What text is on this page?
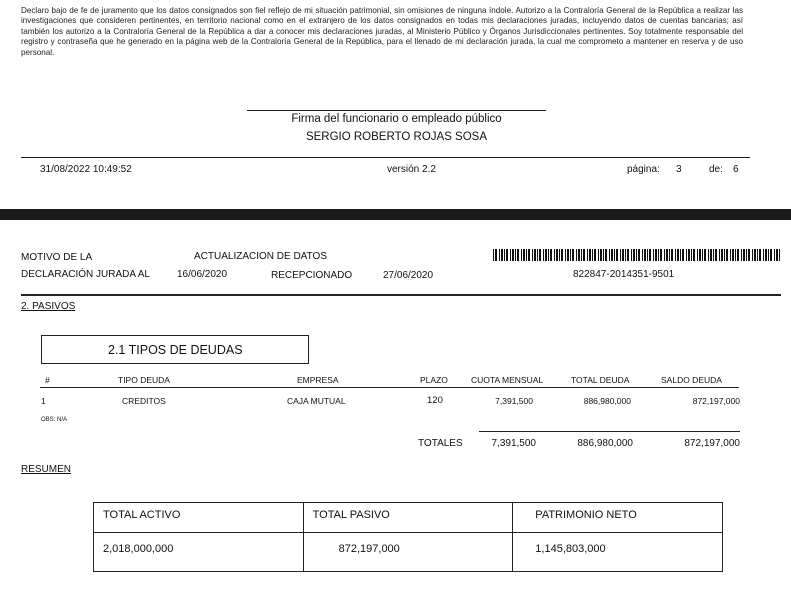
Declaro bajo de fe de juramento que los datos consignados son fiel reflejo de mi situación patrimonial, sin omisiones de ninguna índole. Autorizo a la Contraloría General de la República a realizar las investigaciones que consideren pertinentes, en territorio nacional como en el extranjero de los datos consignados en todas mis declaraciones juradas, incluyendo datos de cuentas bancarias; así también los autorizo a la Contraloría General de la República a dar a conocer mis declaraciones juradas, al Ministerio Público y Órganos Jurisdiccionales pertinentes. Soy totalmente responsable del registro y contraseña que he generado en la página web de la Contraloría General de la República, para el llenado de mi declaración jurada, la cual me comprometo a mantener en reserva y de uso personal.
Firma del funcionario o empleado público
SERGIO ROBERTO ROJAS SOSA
31/08/2022 10:49:52	versión 2.2	página: 3	de: 6
MOTIVO DE LA	ACTUALIZACION DE DATOS
DECLARACIÓN JURADA AL	16/06/2020	RECEPCIONADO	27/06/2020	822847-2014351-9501
2. PASIVOS
2.1 TIPOS DE DEUDAS
#	TIPO DEUDA	EMPRESA	PLAZO	CUOTA MENSUAL	TOTAL DEUDA	SALDO DEUDA
1	CREDITOS	CAJA MUTUAL	120	7,391,500	886,980,000	872,197,000
OBS: N/A
TOTALES	7,391,500	886,980,000	872,197,000
RESUMEN
TOTAL ACTIVO	TOTAL PASIVO	PATRIMONIO NETO
2,018,000,000	872,197,000	1,145,803,000
